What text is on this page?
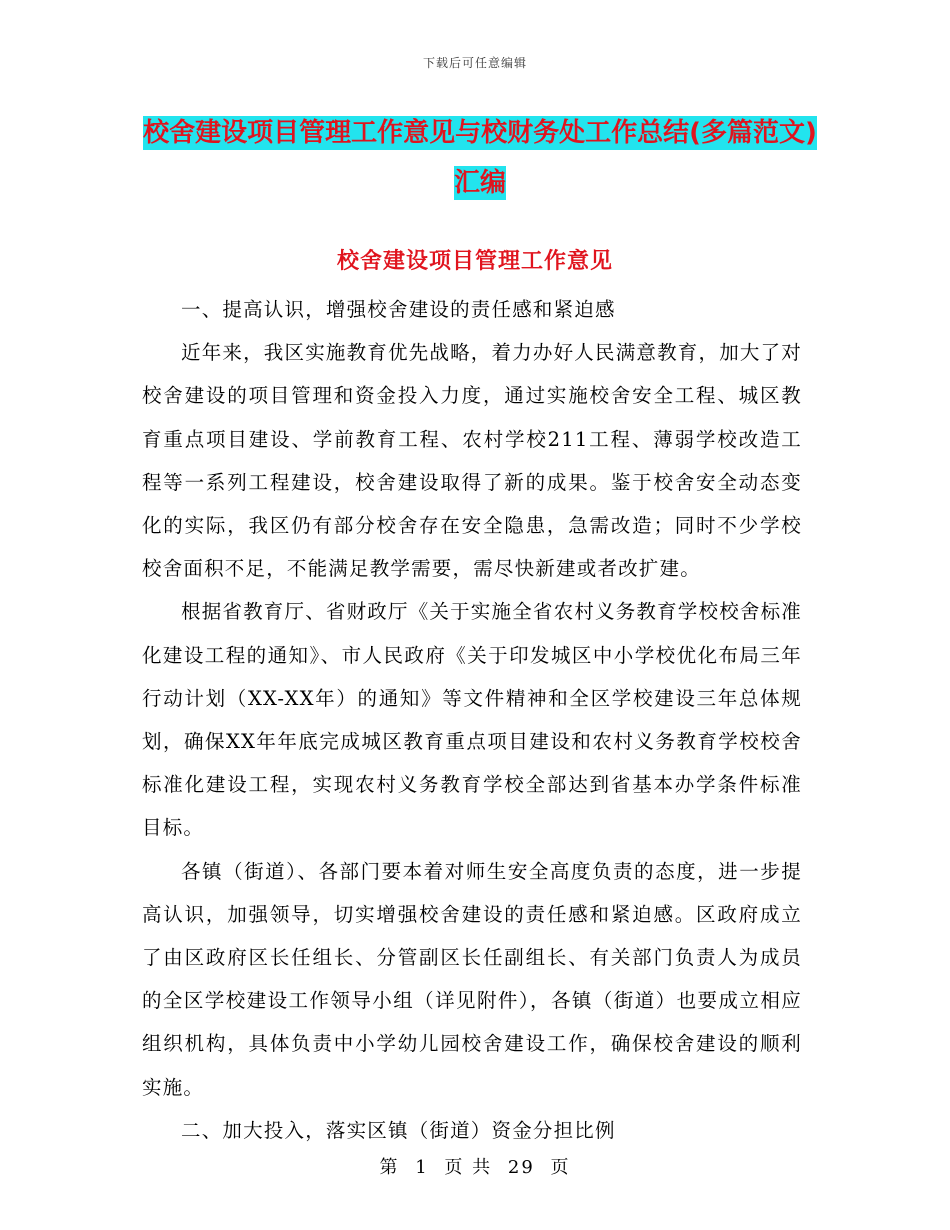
下载后可任意编辑
校舍建设项目管理工作意见与校财务处工作总结(多篇范文)汇编
校舍建设项目管理工作意见

一、提高认识，增强校舍建设的责任感和紧迫感

近年来，我区实施教育优先战略，着力办好人民满意教育，加大了对校舍建设的项目管理和资金投入力度，通过实施校舍安全工程、城区教育重点项目建设、学前教育工程、农村学校211工程、薄弱学校改造工程等一系列工程建设，校舍建设取得了新的成果。鉴于校舍安全动态变化的实际，我区仍有部分校舍存在安全隐患，急需改造；同时不少学校校舍面积不足，不能满足教学需要，需尽快新建或者改扩建。

根据省教育厅、省财政厅《关于实施全省农村义务教育学校校舍标准化建设工程的通知》、市人民政府《关于印发城区中小学校优化布局三年行动计划（XX-XX年）的通知》等文件精神和全区学校建设三年总体规划，确保XX年年底完成城区教育重点项目建设和农村义务教育学校校舍标准化建设工程，实现农村义务教育学校全部达到省基本办学条件标准目标。

各镇（街道）、各部门要本着对师生安全高度负责的态度，进一步提高认识，加强领导，切实增强校舍建设的责任感和紧迫感。区政府成立了由区政府区长任组长、分管副区长任副组长、有关部门负责人为成员的全区学校建设工作领导小组（详见附件），各镇（街道）也要成立相应组织机构，具体负责中小学幼儿园校舍建设工作，确保校舍建设的顺利实施。

二、加大投入，落实区镇（街道）资金分担比例

第 1 页 共 29 页
